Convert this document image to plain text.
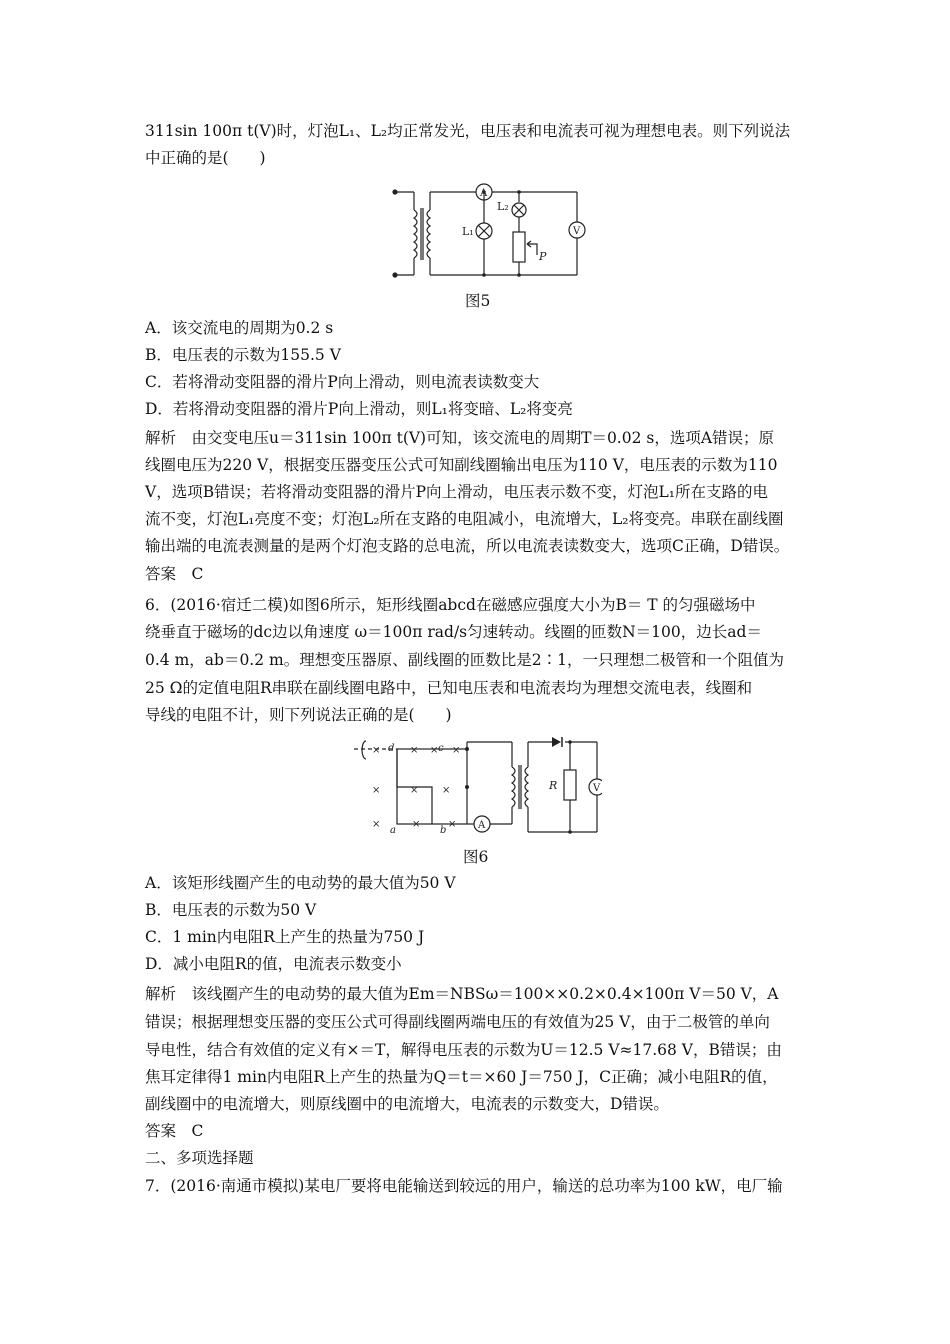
311sin 100π t(V)时，灯泡L₁、L₂均正常发光，电压表和电流表可视为理想电表。则下列说法
中正确的是(　　)
A
V
L₁
L₂
P
图5
A．该交流电的周期为0.2 s
B．电压表的示数为155.5 V
C．若将滑动变阻器的滑片P向上滑动，则电流表读数变大
D．若将滑动变阻器的滑片P向上滑动，则L₁将变暗、L₂将变亮
解析　由交变电压u＝311sin 100π t(V)可知，该交流电的周期T＝0.02 s，选项A错误；原
线圈电压为220 V，根据变压器变压公式可知副线圈输出电压为110 V，电压表的示数为110
V，选项B错误；若将滑动变阻器的滑片P向上滑动，电压表示数不变，灯泡L₁所在支路的电
流不变，灯泡L₁亮度不变；灯泡L₂所在支路的电阻减小，电流增大，L₂将变亮。串联在副线圈
输出端的电流表测量的是两个灯泡支路的总电流，所以电流表读数变大，选项C正确，D错误。
答案　C
6．(2016·宿迁二模)如图6所示，矩形线圈abcd在磁感应强度大小为B＝ T 的匀强磁场中
绕垂直于磁场的dc边以角速度 ω＝100π rad/s匀速转动。线圈的匝数N＝100，边长ad＝
0.4 m，ab＝0.2 m。理想变压器原、副线圈的匝数比是2∶1，一只理想二极管和一个阻值为
25 Ω的定值电阻R串联在副线圈电路中，已知电压表和电流表均为理想交流电表，线圈和
导线的电阻不计，则下列说法正确的是(　　)
×	× × ×
×	× ×
×	×	×
d	c
a	b
R
A
V
图6
A．该矩形线圈产生的电动势的最大值为50 V
B．电压表的示数为50 V
C．1 min内电阻R上产生的热量为750 J
D．减小电阻R的值，电流表示数变小
解析　该线圈产生的电动势的最大值为Em＝NBSω＝100××0.2×0.4×100π V＝50 V，A
错误；根据理想变压器的变压公式可得副线圈两端电压的有效值为25 V，由于二极管的单向
导电性，结合有效值的定义有×＝T，解得电压表的示数为U＝12.5 V≈17.68 V，B错误；由
焦耳定律得1 min内电阻R上产生的热量为Q＝t＝×60 J＝750 J，C正确；减小电阻R的值，
副线圈中的电流增大，则原线圈中的电流增大，电流表的示数变大，D错误。
答案　C
二、多项选择题
7．(2016·南通市模拟)某电厂要将电能输送到较远的用户，输送的总功率为100 kW，电厂输
